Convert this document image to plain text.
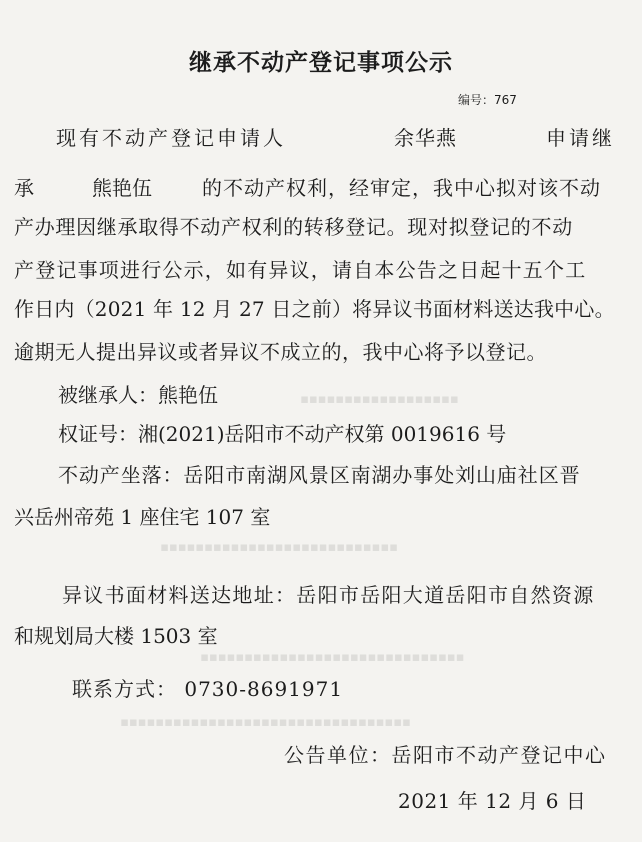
▪▪▪▪▪▪▪▪▪▪▪▪▪▪▪▪▪▪
▪▪▪▪▪▪▪▪▪▪▪▪▪▪▪▪▪▪▪▪▪▪▪▪▪▪▪
▪▪▪▪▪▪▪▪▪▪▪▪▪▪▪▪▪▪▪▪▪▪▪▪▪▪▪▪▪▪
▪▪▪▪▪▪▪▪▪▪▪▪▪▪▪▪▪▪▪▪▪▪▪▪▪▪▪▪▪▪▪▪▪
继承不动产登记事项公示
编号：767
现有不动产登记申请人	余华燕	申请继
承	熊艳伍	的不动产权利，经审定，我中心拟对该不动
产办理因继承取得不动产权利的转移登记。现对拟登记的不动
产登记事项进行公示，如有异议，请自本公告之日起十五个工
作日内（2021 年 12 月 27 日之前）将异议书面材料送达我中心。
逾期无人提出异议或者异议不成立的，我中心将予以登记。
被继承人：熊艳伍
权证号：湘(2021)岳阳市不动产权第 0019616 号
不动产坐落：岳阳市南湖风景区南湖办事处刘山庙社区晋
兴岳州帝苑 1 座住宅 107 室
异议书面材料送达地址：岳阳市岳阳大道岳阳市自然资源
和规划局大楼 1503 室
联系方式： 0730-8691971
公告单位：岳阳市不动产登记中心
2021 年 12 月 6 日
